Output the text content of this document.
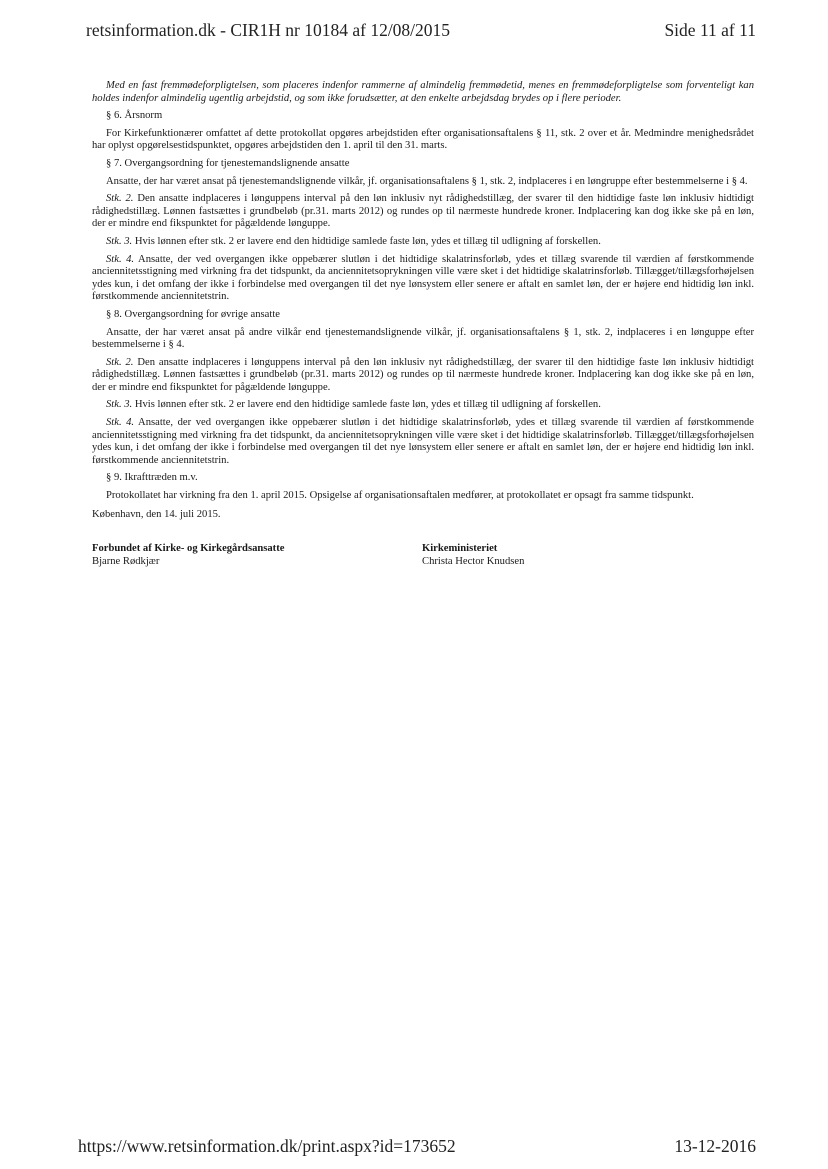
retsinformation.dk - CIR1H nr 10184 af 12/08/2015	Side 11 af 11

Med en fast fremmødeforpligtelsen, som placeres indenfor rammerne af almindelig fremmødetid, menes en fremmødeforpligtelse som forventeligt kan holdes indenfor almindelig ugentlig arbejdstid, og som ikke forudsætter, at den enkelte arbejdsdag brydes op i flere perioder.

§ 6. Årsnorm

For Kirkefunktionærer omfattet af dette protokollat opgøres arbejdstiden efter organisationsaftalens § 11, stk. 2 over et år. Medmindre menighedsrådet har oplyst opgørelsestidspunktet, opgøres arbejdstiden den 1. april til den 31. marts.

§ 7. Overgangsordning for tjenestemandslignende ansatte

Ansatte, der har været ansat på tjenestemandslignende vilkår, jf. organisationsaftalens § 1, stk. 2, indplaceres i en løngruppe efter bestemmelserne i § 4.

Stk. 2. Den ansatte indplaceres i lønguppens interval på den løn inklusiv nyt rådighedstillæg, der svarer til den hidtidige faste løn inklusiv hidtidigt rådighedstillæg. Lønnen fastsættes i grundbeløb (pr.31. marts 2012) og rundes op til nærmeste hundrede kroner. Indplacering kan dog ikke ske på en løn, der er mindre end fikspunktet for pågældende lønguppe.

Stk. 3. Hvis lønnen efter stk. 2 er lavere end den hidtidige samlede faste løn, ydes et tillæg til udligning af forskellen.

Stk. 4. Ansatte, der ved overgangen ikke oppebærer slutløn i det hidtidige skalatrinsforløb, ydes et tillæg svarende til værdien af førstkommende anciennitetsstigning med virkning fra det tidspunkt, da anciennitetsoprykningen ville være sket i det hidtidige skalatrinsforløb. Tillægget/tillægsforhøjelsen ydes kun, i det omfang der ikke i forbindelse med overgangen til det nye lønsystem eller senere er aftalt en samlet løn, der er højere end hidtidig løn inkl. førstkommende anciennitetstrin.

§ 8. Overgangsordning for øvrige ansatte

Ansatte, der har været ansat på andre vilkår end tjenestemandslignende vilkår, jf. organisationsaftalens § 1, stk. 2, indplaceres i en lønguppe efter bestemmelserne i § 4.

Stk. 2. Den ansatte indplaceres i lønguppens interval på den løn inklusiv nyt rådighedstillæg, der svarer til den hidtidige faste løn inklusiv hidtidigt rådighedstillæg. Lønnen fastsættes i grundbeløb (pr.31. marts 2012) og rundes op til nærmeste hundrede kroner. Indplacering kan dog ikke ske på en løn, der er mindre end fikspunktet for pågældende lønguppe.

Stk. 3. Hvis lønnen efter stk. 2 er lavere end den hidtidige samlede faste løn, ydes et tillæg til udligning af forskellen.

Stk. 4. Ansatte, der ved overgangen ikke oppebærer slutløn i det hidtidige skalatrinsforløb, ydes et tillæg svarende til værdien af førstkommende anciennitetsstigning med virkning fra det tidspunkt, da anciennitetsoprykningen ville være sket i det hidtidige skalatrinsforløb. Tillægget/tillægsforhøjelsen ydes kun, i det omfang der ikke i forbindelse med overgangen til det nye lønsystem eller senere er aftalt en samlet løn, der er højere end hidtidig løn inkl. førstkommende anciennitetstrin.

§ 9. Ikrafttræden m.v.

Protokollatet har virkning fra den 1. april 2015. Opsigelse af organisationsaftalen medfører, at protokollatet er opsagt fra samme tidspunkt.

København, den 14. juli 2015.

Forbundet af Kirke- og Kirkegårdsansatte
Bjarne Rødkjær
Kirkeministeriet
Christa Hector Knudsen
https://www.retsinformation.dk/print.aspx?id=173652	13-12-2016
